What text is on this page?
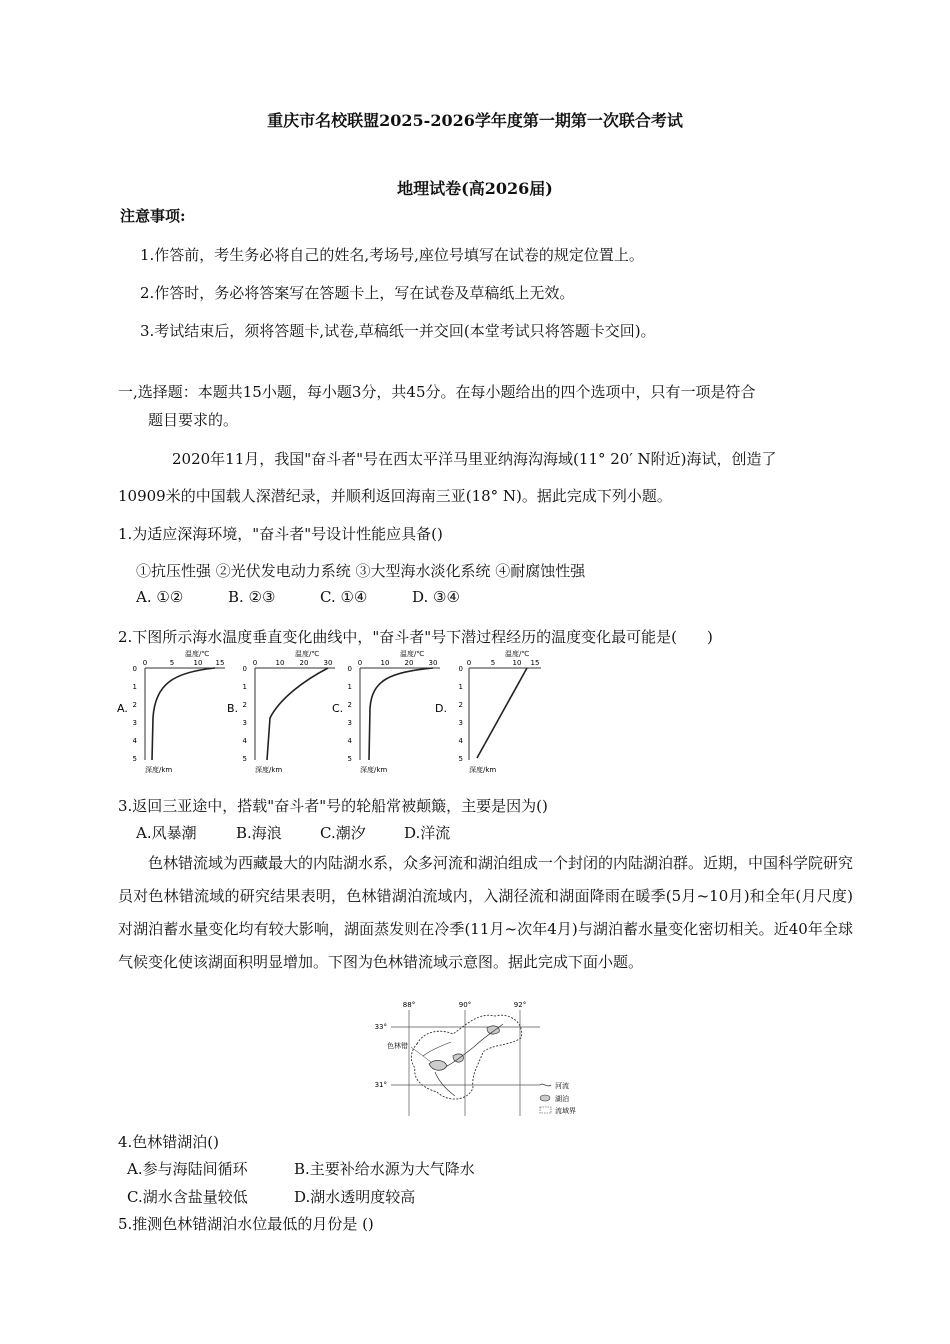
重庆市名校联盟2025-2026学年度第一期第一次联合考试
地理试卷(高2026届)
注意事项:
1.作答前，考生务必将自己的姓名,考场号,座位号填写在试卷的规定位置上。
2.作答时，务必将答案写在答题卡上，写在试卷及草稿纸上无效。
3.考试结束后，须将答题卡,试卷,草稿纸一并交回(本堂考试只将答题卡交回)。
一,选择题：本题共15小题，每小题3分，共45分。在每小题给出的四个选项中，只有一项是符合
题目要求的。
2020年11月，我国"奋斗者"号在西太平洋马里亚纳海沟海域(11° 20′ N附近)海试，创造了
10909米的中国载人深潜纪录，并顺利返回海南三亚(18° N)。据此完成下列小题。
1.为适应深海环境，"奋斗者"号设计性能应具备()
①抗压性强 ②光伏发电动力系统 ③大型海水淡化系统 ④耐腐蚀性强
A. ①②	B. ②③	C. ①④	D. ③④
2.下图所示海水温度垂直变化曲线中，"奋斗者"号下潜过程经历的温度变化最可能是(　　)
A.
温度/℃
0	5	10 15
0
1
2
3
4
5
深度/km
B.
温度/℃
0	10 20 30
0
1
2
3
4
5
深度/km
C.
温度/℃
0	10 20 30
0
1
2
3
4
5
深度/km
D.
温度/℃
0	5 10 15
0
1
2
3
4
5
深度/km
3.返回三亚途中，搭载"奋斗者"号的轮船常被颠簸，主要是因为()
A.风暴潮	B.海浪	C.潮汐	D.洋流
色林错流域为西藏最大的内陆湖水系，众多河流和湖泊组成一个封闭的内陆湖泊群。近期，中国科学院研究员对色林错流域的研究结果表明，色林错湖泊流域内，入湖径流和湖面降雨在暖季(5月~10月)和全年(月尺度)对湖泊蓄水量变化均有较大影响，湖面蒸发则在冷季(11月~次年4月)与湖泊蓄水量变化密切相关。近40年全球气候变化使该湖面积明显增加。下图为色林错流域示意图。据此完成下面小题。
88°	90°	92°
33°
31°
色林错
河流
湖泊
流域界
4.色林错湖泊()
A.参与海陆间循环	B.主要补给水源为大气降水
C.湖水含盐量较低	D.湖水透明度较高
5.推测色林错湖泊水位最低的月份是 ()
